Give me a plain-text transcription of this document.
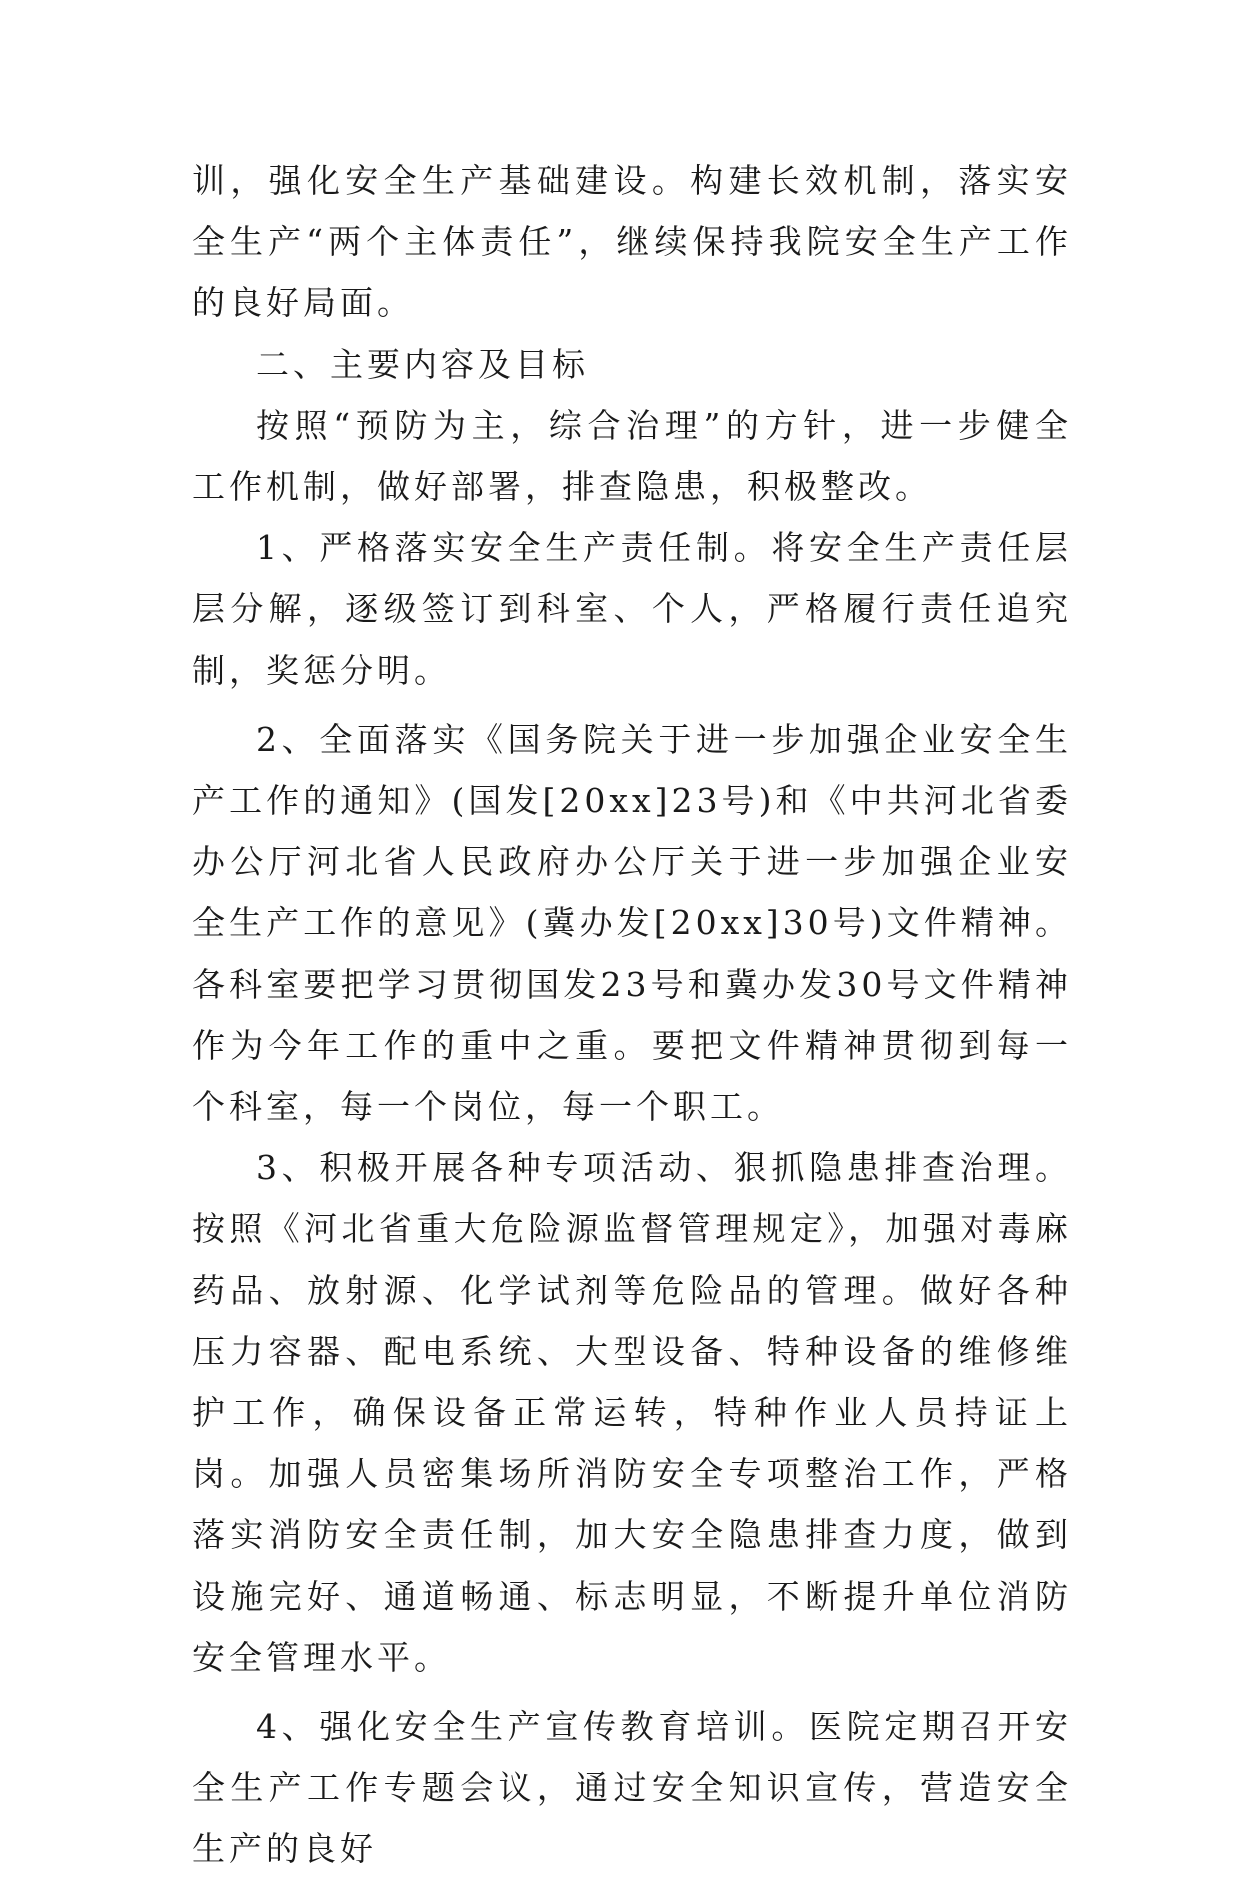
训，强化安全生产基础建设。构建长效机制，落实安全生产“两个主体责任”，继续保持我院安全生产工作的良好局面。

二、主要内容及目标

按照“预防为主，综合治理”的方针，进一步健全工作机制，做好部署，排查隐患，积极整改。

1、严格落实安全生产责任制。将安全生产责任层层分解，逐级签订到科室、个人，严格履行责任追究制，奖惩分明。

2、全面落实《国务院关于进一步加强企业安全生产工作的通知》(国发[20xx]23号)和《中共河北省委办公厅河北省人民政府办公厅关于进一步加强企业安全生产工作的意见》(冀办发[20xx]30号)文件精神。各科室要把学习贯彻国发23号和冀办发30号文件精神作为今年工作的重中之重。要把文件精神贯彻到每一个科室，每一个岗位，每一个职工。

3、积极开展各种专项活动、狠抓隐患排查治理。按照《河北省重大危险源监督管理规定》，加强对毒麻药品、放射源、化学试剂等危险品的管理。做好各种压力容器、配电系统、大型设备、特种设备的维修维护工作，确保设备正常运转，特种作业人员持证上岗。加强人员密集场所消防安全专项整治工作，严格落实消防安全责任制，加大安全隐患排查力度，做到设施完好、通道畅通、标志明显，不断提升单位消防安全管理水平。

4、强化安全生产宣传教育培训。医院定期召开安全生产工作专题会议，通过安全知识宣传，营造安全生产的良好
